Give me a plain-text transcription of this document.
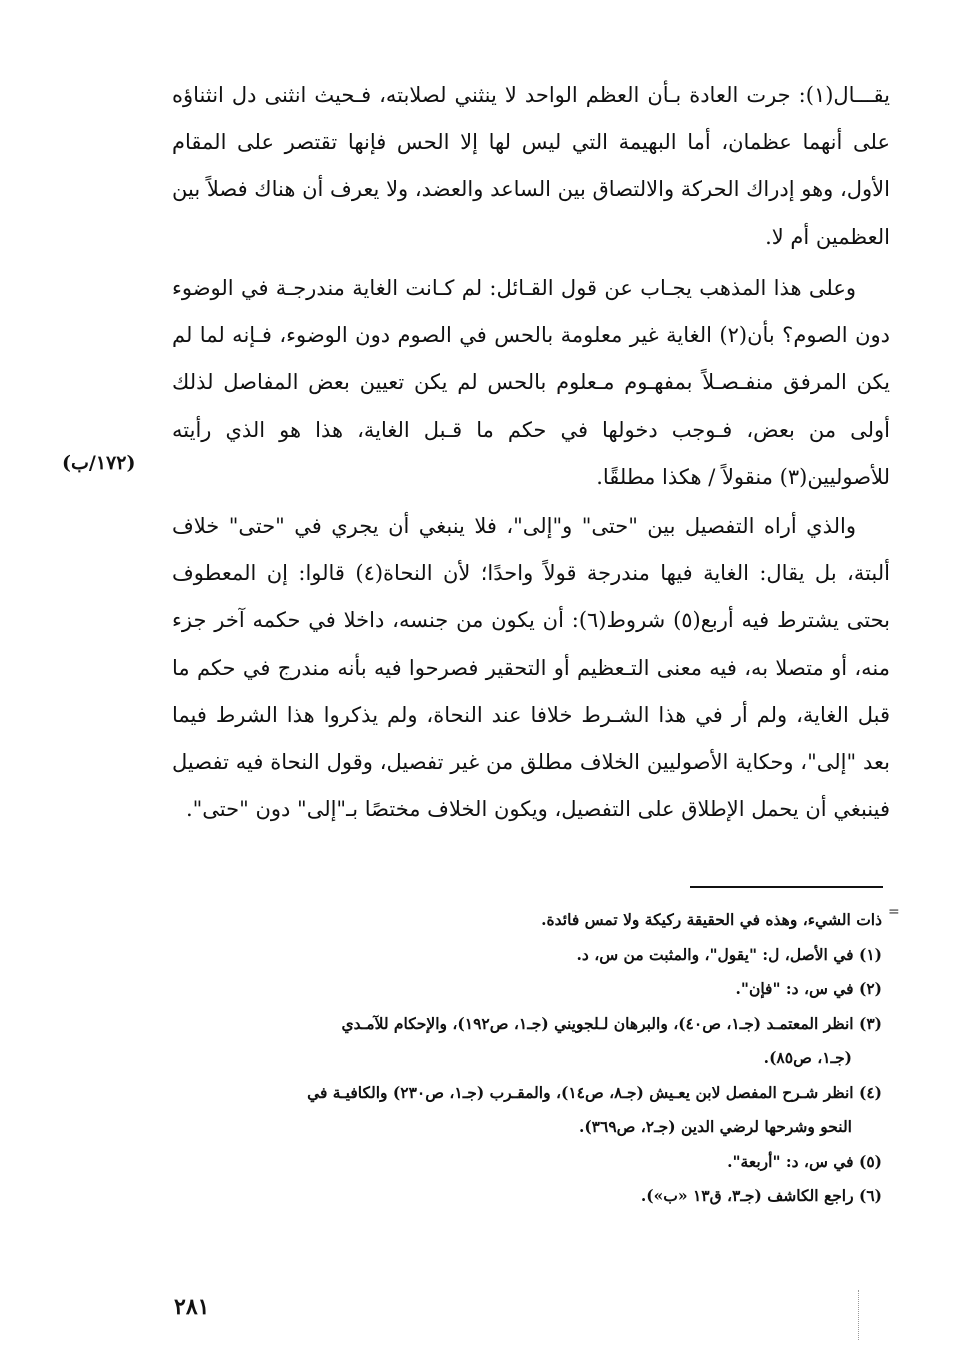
يقـــال(١): جرت العادة بـأن العظم الواحد لا ينثني لصلابته، فـحيث انثنى دل انثناؤه على أنهما عظمان، أما البهيمة التي ليس لها إلا الحس فإنها تقتصر على المقام الأول، وهو إدراك الحركة والالتصاق بين الساعد والعضد، ولا يعرف أن هناك فصلاً بين العظمين أم لا.

وعلى هذا المذهب يجـاب عن قول القـائل: لم كـانت الغاية مندرجـة في الوضوء دون الصوم؟ بأن(٢) الغاية غير معلومة بالحس في الصوم دون الوضوء، فـإنه لما لم يكن المرفق منفـصـلاً بمفهـوم مـعلوم بالحس لم يكن تعيين بعض المفاصل لذلك أولى من بعض، فـوجب دخولها في حكم ما قـبل الغاية، هذا هو الذي رأيته للأصوليين(٣) منقولاً / هكذا مطلقًا.

والذي أراه التفصيل بين "حتى" و"إلى"، فلا ينبغي أن يجري في "حتى" خلاف ألبتة، بل يقال: الغاية فيها مندرجة قولاً واحدًا؛ لأن النحاة(٤) قالوا: إن المعطوف بحتى يشترط فيه أربع(٥) شروط(٦): أن يكون من جنسه، داخلا في حكمه آخر جزء منه، أو متصلا به، فيه معنى التـعظيم أو التحقير فصرحوا فيه بأنه مندرج في حكم ما قبل الغاية، ولم أر في هذا الشـرط خلافا عند النحاة، ولم يذكروا هذا الشرط فيما بعد "إلى"، وحكاية الأصوليين الخلاف مطلق من غير تفصيل، وقول النحاة فيه تفصيل فينبغي أن يحمل الإطلاق على التفصيل، ويكون الخلاف مختصًا بـ"إلى" دون "حتى".

(١٧٢/ب)
=

ذات الشيء، وهذه في الحقيقة ركيكة ولا تمس فائدة.

(١) في الأصل، ل: "يقول"، والمثبت من س، د.

(٢) في س، د: "فإن".

(٣) انظر المعتمـد (جـ١، ص٤٠)، والبرهان لـلجويني (جـ١، ص١٩٢)، والإحكام للآمـدي

(جـ١، ص٨٥).

(٤) انظر شـرح المفصل لابن يعـيش (جـ٨، ص١٤)، والمقـرب (جـ١، ص٢٣٠) والكافيـة في

النحو وشرحها لرضي الدين (جـ٢، ص٣٦٩).

(٥) في س، د: "أربعة".

(٦) راجع الكاشف (جـ٣، ق١٣ «ب»).

٢٨١
